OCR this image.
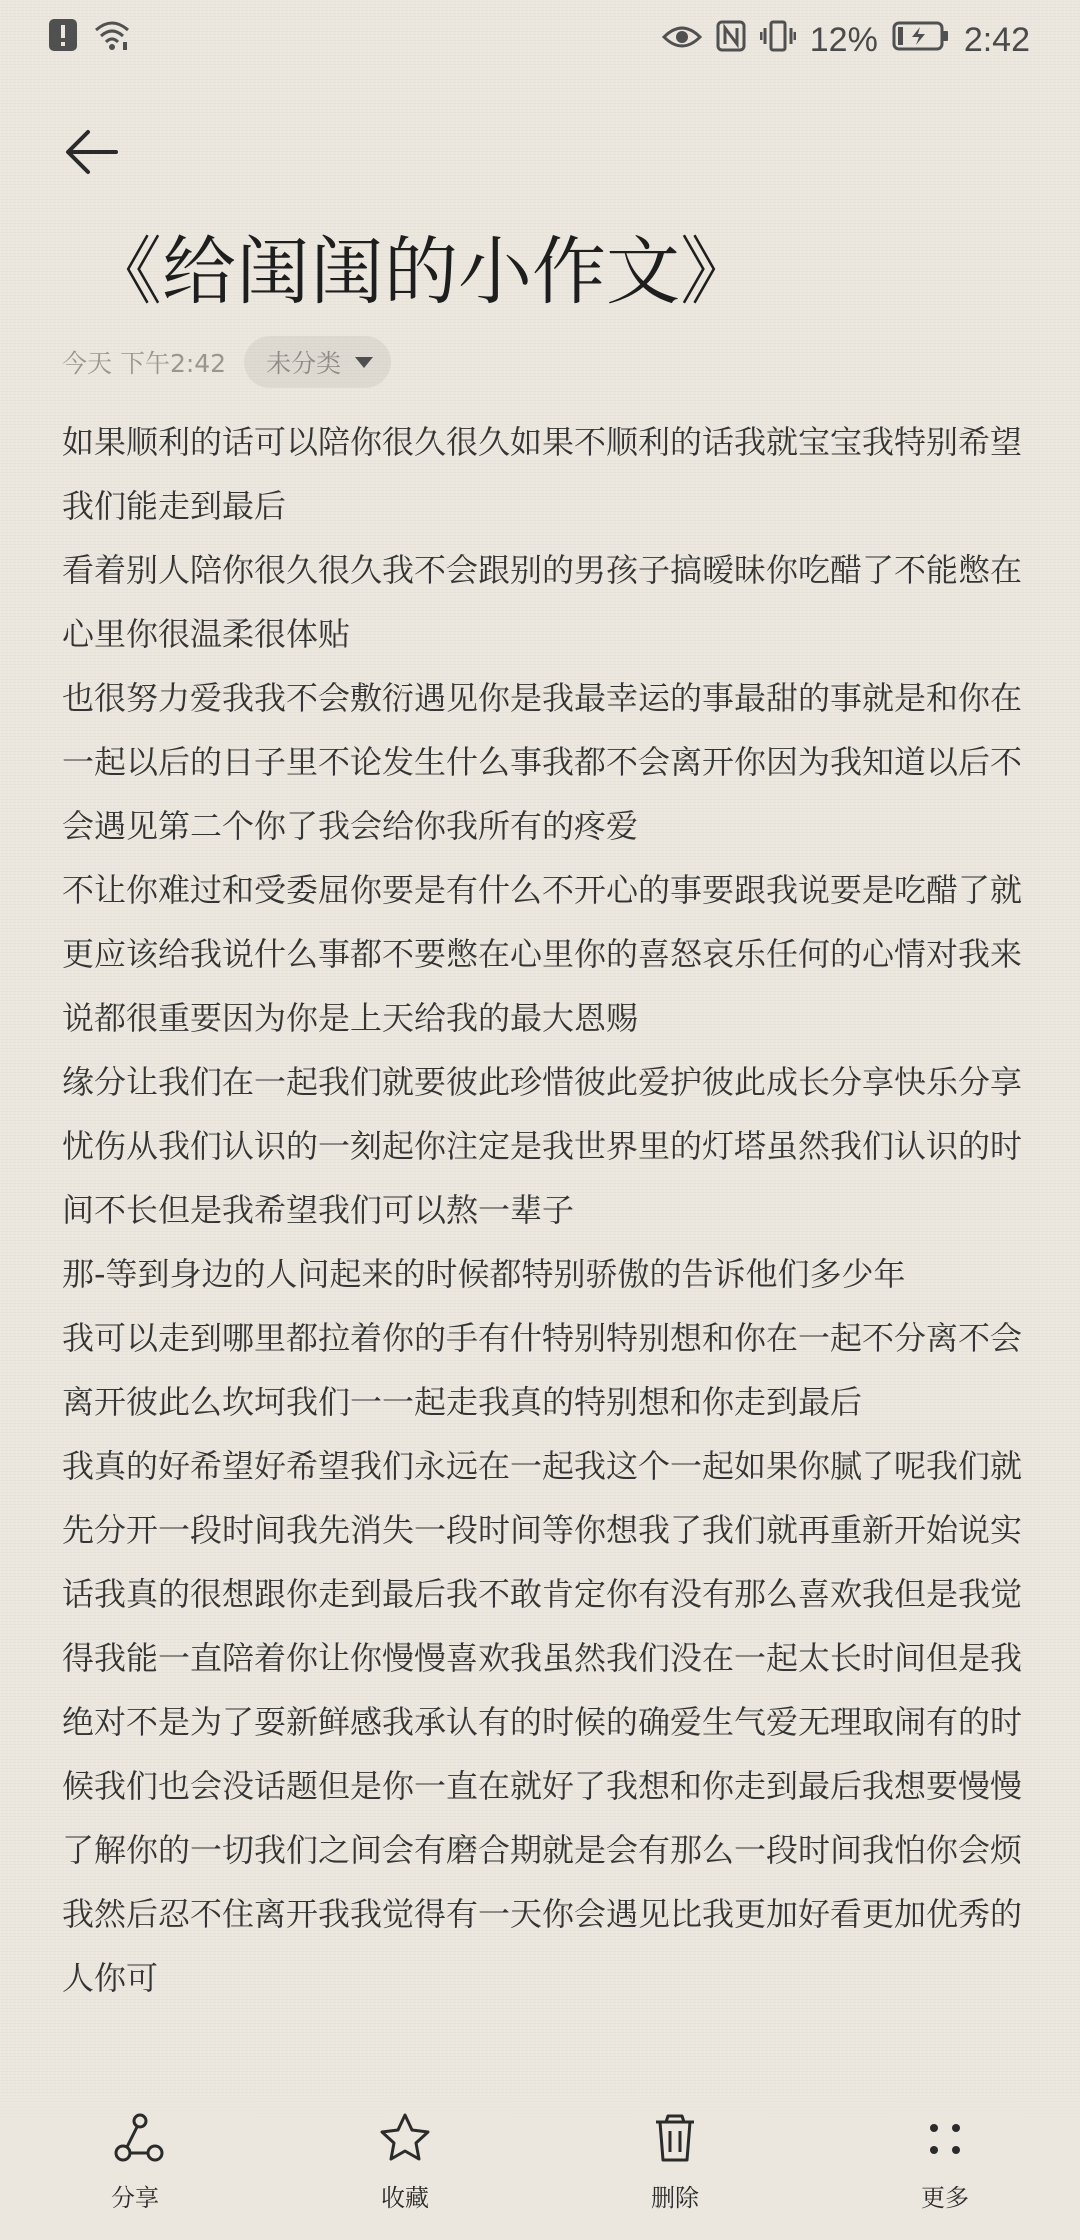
12%	2:42
《给闺闺的小作文》
今天 下午2:42 未分类

如果顺利的话可以陪你很久很久如果不顺利的话我就宝宝我特别希望我们能走到最后

看着别人陪你很久很久我不会跟别的男孩子搞暧昧你吃醋了不能憋在心里你很温柔很体贴

也很努力爱我我不会敷衍遇见你是我最幸运的事最甜的事就是和你在一起以后的日子里不论发生什么事我都不会离开你因为我知道以后不会遇见第二个你了我会给你我所有的疼爱

不让你难过和受委屈你要是有什么不开心的事要跟我说要是吃醋了就更应该给我说什么事都不要憋在心里你的喜怒哀乐任何的心情对我来说都很重要因为你是上天给我的最大恩赐

缘分让我们在一起我们就要彼此珍惜彼此爱护彼此成长分享快乐分享忧伤从我们认识的一刻起你注定是我世界里的灯塔虽然我们认识的时间不长但是我希望我们可以熬一辈子

那-等到身边的人问起来的时候都特别骄傲的告诉他们多少年

我可以走到哪里都拉着你的手有什特别特别想和你在一起不分离不会离开彼此么坎坷我们一一起走我真的特别想和你走到最后

我真的好希望好希望我们永远在一起我这个一起如果你腻了呢我们就先分开一段时间我先消失一段时间等你想我了我们就再重新开始说实话我真的很想跟你走到最后我不敢肯定你有没有那么喜欢我但是我觉得我能一直陪着你让你慢慢喜欢我虽然我们没在一起太长时间但是我绝对不是为了耍新鲜感我承认有的时候的确爱生气爱无理取闹有的时候我们也会没话题但是你一直在就好了我想和你走到最后我想要慢慢了解你的一切我们之间会有磨合期就是会有那么一段时间我怕你会烦我然后忍不住离开我我觉得有一天你会遇见比我更加好看更加优秀的人你可

分享	收藏	删除	更多
